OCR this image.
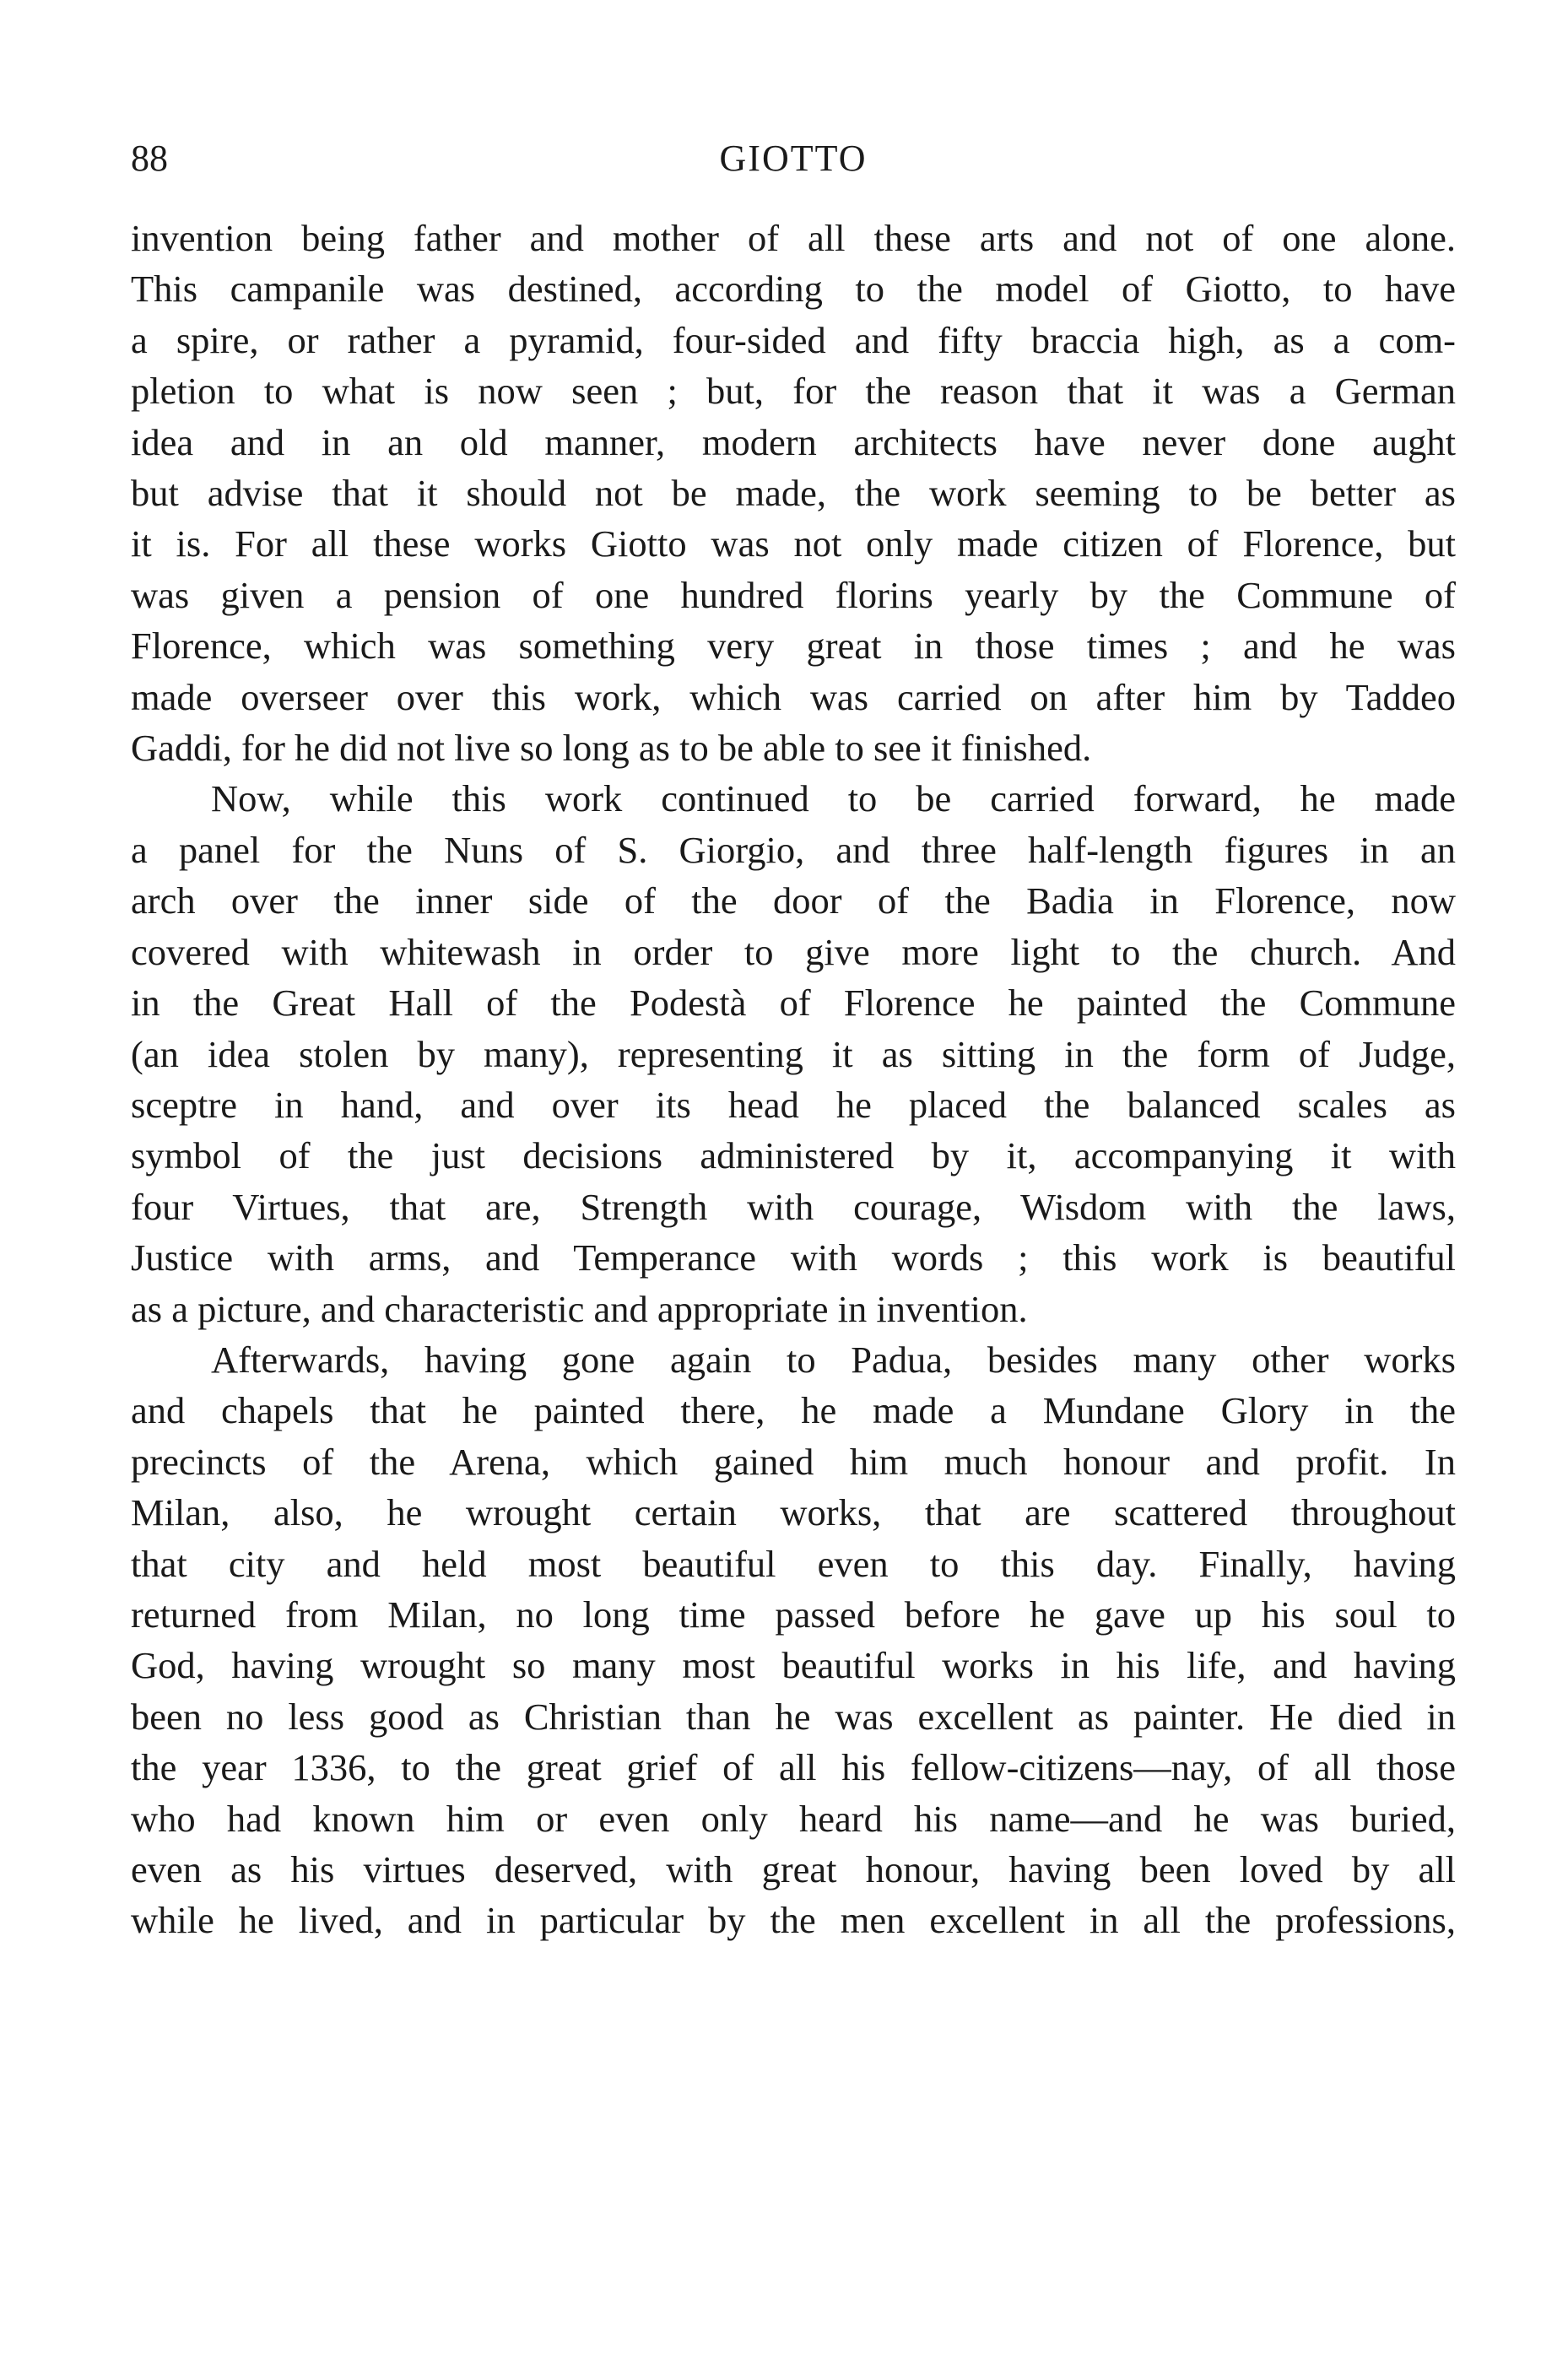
88	GIOTTO
invention being father and mother of all these arts and not of one alone.
This campanile was destined, according to the model of Giotto, to have
a spire, or rather a pyramid, four-sided and fifty braccia high, as a com-
pletion to what is now seen ; but, for the reason that it was a German
idea and in an old manner, modern architects have never done aught
but advise that it should not be made, the work seeming to be better as
it is. For all these works Giotto was not only made citizen of Florence, but
was given a pension of one hundred florins yearly by the Commune of
Florence, which was something very great in those times ; and he was
made overseer over this work, which was carried on after him by Taddeo
Gaddi, for he did not live so long as to be able to see it finished.
Now, while this work continued to be carried forward, he made
a panel for the Nuns of S. Giorgio, and three half-length figures in an
arch over the inner side of the door of the Badia in Florence, now
covered with whitewash in order to give more light to the church. And
in the Great Hall of the Podestà of Florence he painted the Commune
(an idea stolen by many), representing it as sitting in the form of Judge,
sceptre in hand, and over its head he placed the balanced scales as
symbol of the just decisions administered by it, accompanying it with
four Virtues, that are, Strength with courage, Wisdom with the laws,
Justice with arms, and Temperance with words ; this work is beautiful
as a picture, and characteristic and appropriate in invention.
Afterwards, having gone again to Padua, besides many other works
and chapels that he painted there, he made a Mundane Glory in the
precincts of the Arena, which gained him much honour and profit. In
Milan, also, he wrought certain works, that are scattered throughout
that city and held most beautiful even to this day. Finally, having
returned from Milan, no long time passed before he gave up his soul to
God, having wrought so many most beautiful works in his life, and having
been no less good as Christian than he was excellent as painter. He died in
the year 1336, to the great grief of all his fellow-citizens—nay, of all those
who had known him or even only heard his name—and he was buried,
even as his virtues deserved, with great honour, having been loved by all
while he lived, and in particular by the men excellent in all the professions,
